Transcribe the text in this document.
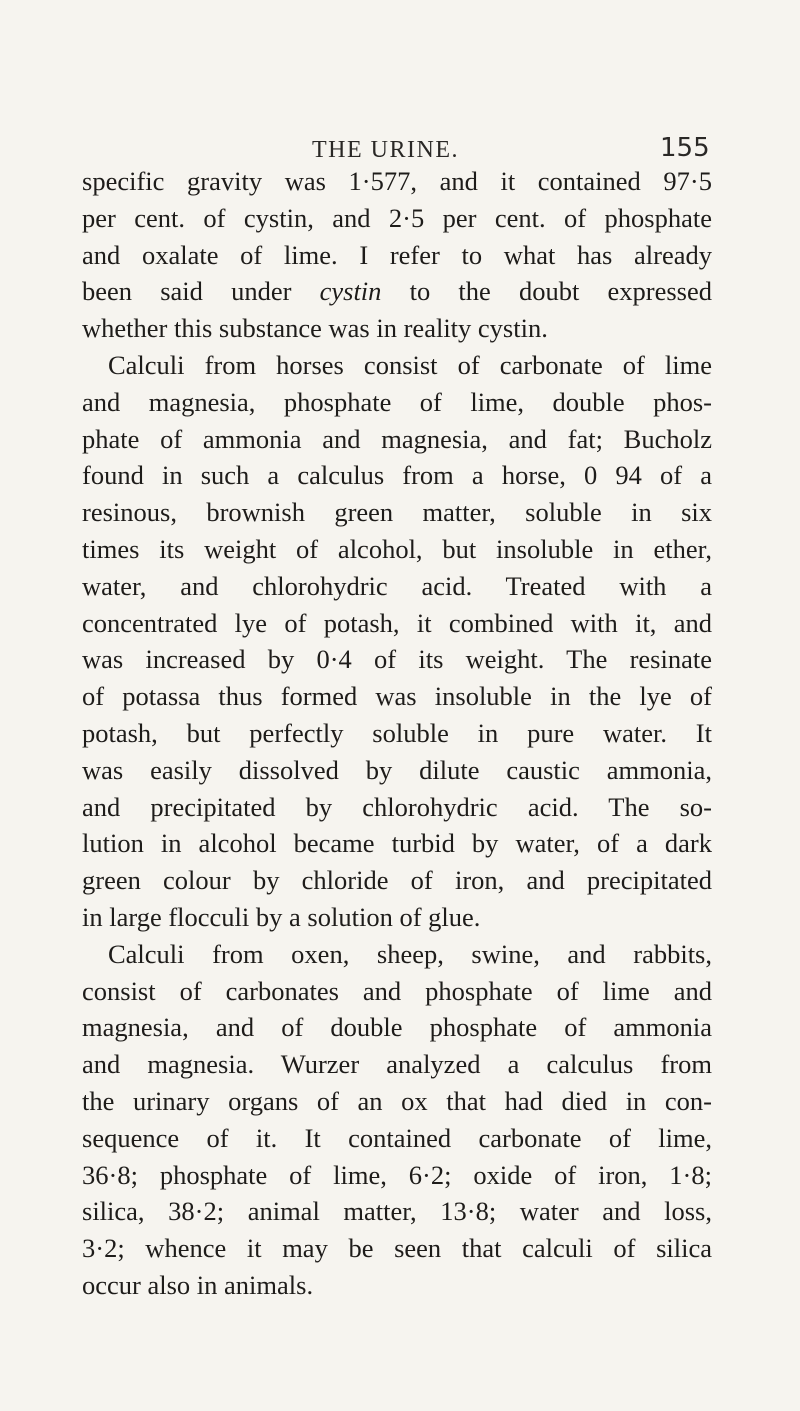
THE URINE.	155
specific gravity was 1·577, and it contained 97·5
per cent. of cystin, and 2·5 per cent. of phosphate
and oxalate of lime. I refer to what has already
been said under cystin to the doubt expressed
whether this substance was in reality cystin.
Calculi from horses consist of carbonate of lime
and magnesia, phosphate of lime, double phos-
phate of ammonia and magnesia, and fat; Bucholz
found in such a calculus from a horse, 0 94 of a
resinous, brownish green matter, soluble in six
times its weight of alcohol, but insoluble in ether,
water, and chlorohydric acid. Treated with a
concentrated lye of potash, it combined with it, and
was increased by 0·4 of its weight. The resinate
of potassa thus formed was insoluble in the lye of
potash, but perfectly soluble in pure water. It
was easily dissolved by dilute caustic ammonia,
and precipitated by chlorohydric acid. The so-
lution in alcohol became turbid by water, of a dark
green colour by chloride of iron, and precipitated
in large flocculi by a solution of glue.
Calculi from oxen, sheep, swine, and rabbits,
consist of carbonates and phosphate of lime and
magnesia, and of double phosphate of ammonia
and magnesia. Wurzer analyzed a calculus from
the urinary organs of an ox that had died in con-
sequence of it. It contained carbonate of lime,
36·8; phosphate of lime, 6·2; oxide of iron, 1·8;
silica, 38·2; animal matter, 13·8; water and loss,
3·2; whence it may be seen that calculi of silica
occur also in animals.
